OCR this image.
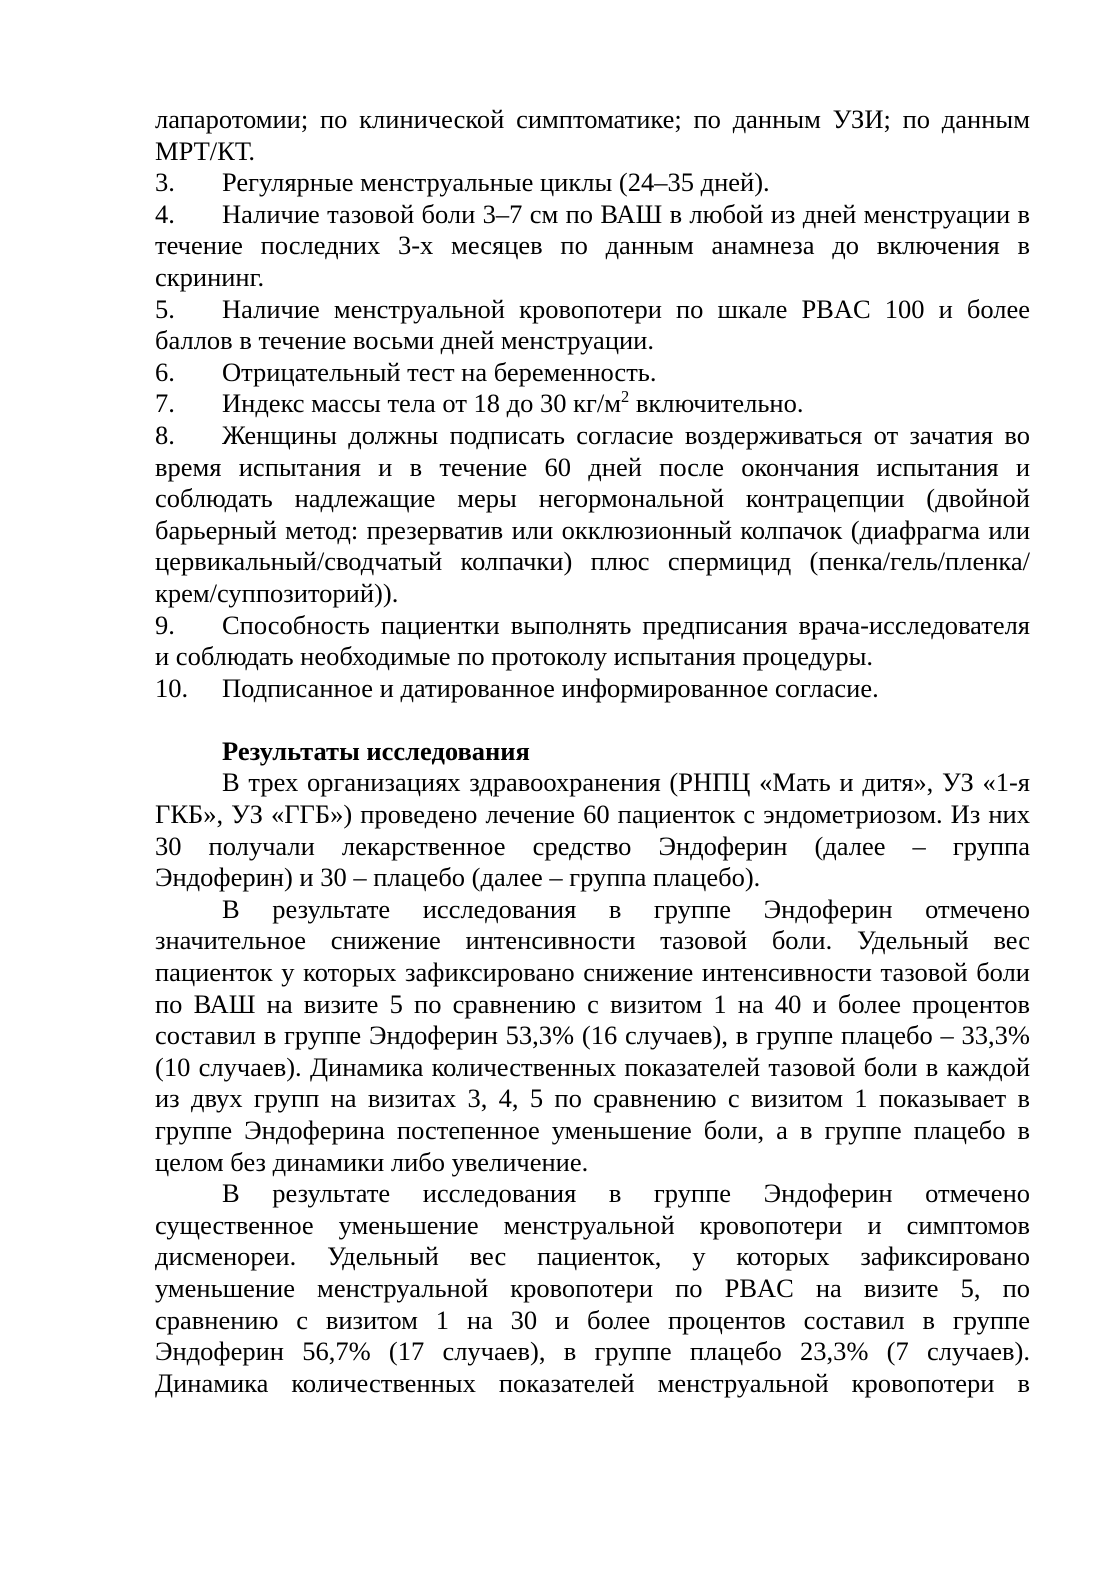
лапаротомии; по клинической симптоматике; по данным УЗИ; по данным МРТ/КТ.

3. Регулярные менструальные циклы (24–35 дней).

4. Наличие тазовой боли 3–7 см по ВАШ в любой из дней менструации в течение последних 3-х месяцев по данным анамнеза до включения в скрининг.

5. Наличие менструальной кровопотери по шкале PBAC 100 и более баллов в течение восьми дней менструации.

6. Отрицательный тест на беременность.

7. Индекс массы тела от 18 до 30 $кг/м^2$ включительно.

8. Женщины должны подписать согласие воздерживаться от зачатия во время испытания и в течение 60 дней после окончания испытания и соблюдать надлежащие меры негормональной контрацепции (двойной барьерный метод: презерватив или окклюзионный колпачок (диафрагма или цервикальный/сводчатый колпачки) плюс спермицид (пенка/гель/пленка/крем/суппозиторий)).

9. Способность пациентки выполнять предписания врача-исследователя и соблюдать необходимые по протоколу испытания процедуры.

10. Подписанное и датированное информированное согласие.

Результаты исследования

В трех организациях здравоохранения (РНПЦ «Мать и дитя», УЗ «1-я ГКБ», УЗ «ГГБ») проведено лечение 60 пациенток с эндометриозом. Из них 30 получали лекарственное средство Эндоферин (далее – группа Эндоферин) и 30 – плацебо (далее – группа плацебо).

В результате исследования в группе Эндоферин отмечено значительное снижение интенсивности тазовой боли. Удельный вес пациенток у которых зафиксировано снижение интенсивности тазовой боли по ВАШ на визите 5 по сравнению с визитом 1 на 40 и более процентов составил в группе Эндоферин 53,3% (16 случаев), в группе плацебо – 33,3% (10 случаев). Динамика количественных показателей тазовой боли в каждой из двух групп на визитах 3, 4, 5 по сравнению с визитом 1 показывает в группе Эндоферина постепенное уменьшение боли, а в группе плацебо в целом без динамики либо увеличение.

В результате исследования в группе Эндоферин отмечено существенное уменьшение менструальной кровопотери и симптомов дисменореи. Удельный вес пациенток, у которых зафиксировано уменьшение менструальной кровопотери по PBAC на визите 5, по сравнению с визитом 1 на 30 и более процентов составил в группе Эндоферин 56,7% (17 случаев), в группе плацебо 23,3% (7 случаев). Динамика количественных показателей менструальной кровопотери в
